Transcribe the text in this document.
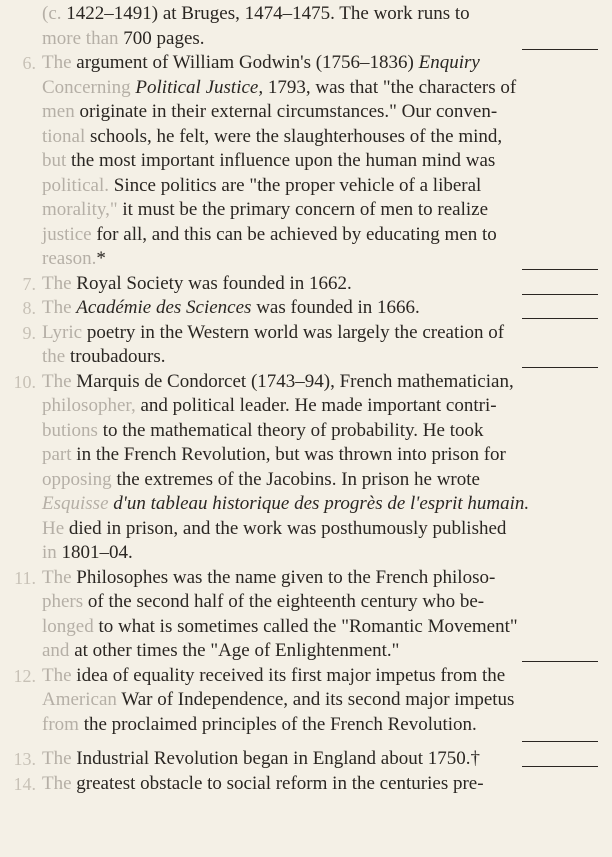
(c. 1422–1491) at Bruges, 1474–1475. The work runs to
more than 700 pages.
6. The argument of William Godwin's (1756–1836) Enquiry
Concerning Political Justice, 1793, was that "the characters of
men originate in their external circumstances." Our conven-
tional schools, he felt, were the slaughterhouses of the mind,
but the most important influence upon the human mind was
political. Since politics are "the proper vehicle of a liberal
morality," it must be the primary concern of men to realize
justice for all, and this can be achieved by educating men to
reason.*
7. The Royal Society was founded in 1662.
8. The Académie des Sciences was founded in 1666.
9. Lyric poetry in the Western world was largely the creation of
the troubadours.
10. The Marquis de Condorcet (1743–94), French mathematician,
philosopher, and political leader. He made important contri-
butions to the mathematical theory of probability. He took
part in the French Revolution, but was thrown into prison for
opposing the extremes of the Jacobins. In prison he wrote
Esquisse d'un tableau historique des progrès de l'esprit humain.
He died in prison, and the work was posthumously published
in 1801–04.
11. The Philosophes was the name given to the French philoso-
phers of the second half of the eighteenth century who be-
longed to what is sometimes called the "Romantic Movement"
and at other times the "Age of Enlightenment."
13. The Industrial Revolution began in England about 1750.†
14. The greatest obstacle to social reform in the centuries pre-
12. The idea of equality received its first major impetus from the
American War of Independence, and its second major impetus
from the proclaimed principles of the French Revolution.
